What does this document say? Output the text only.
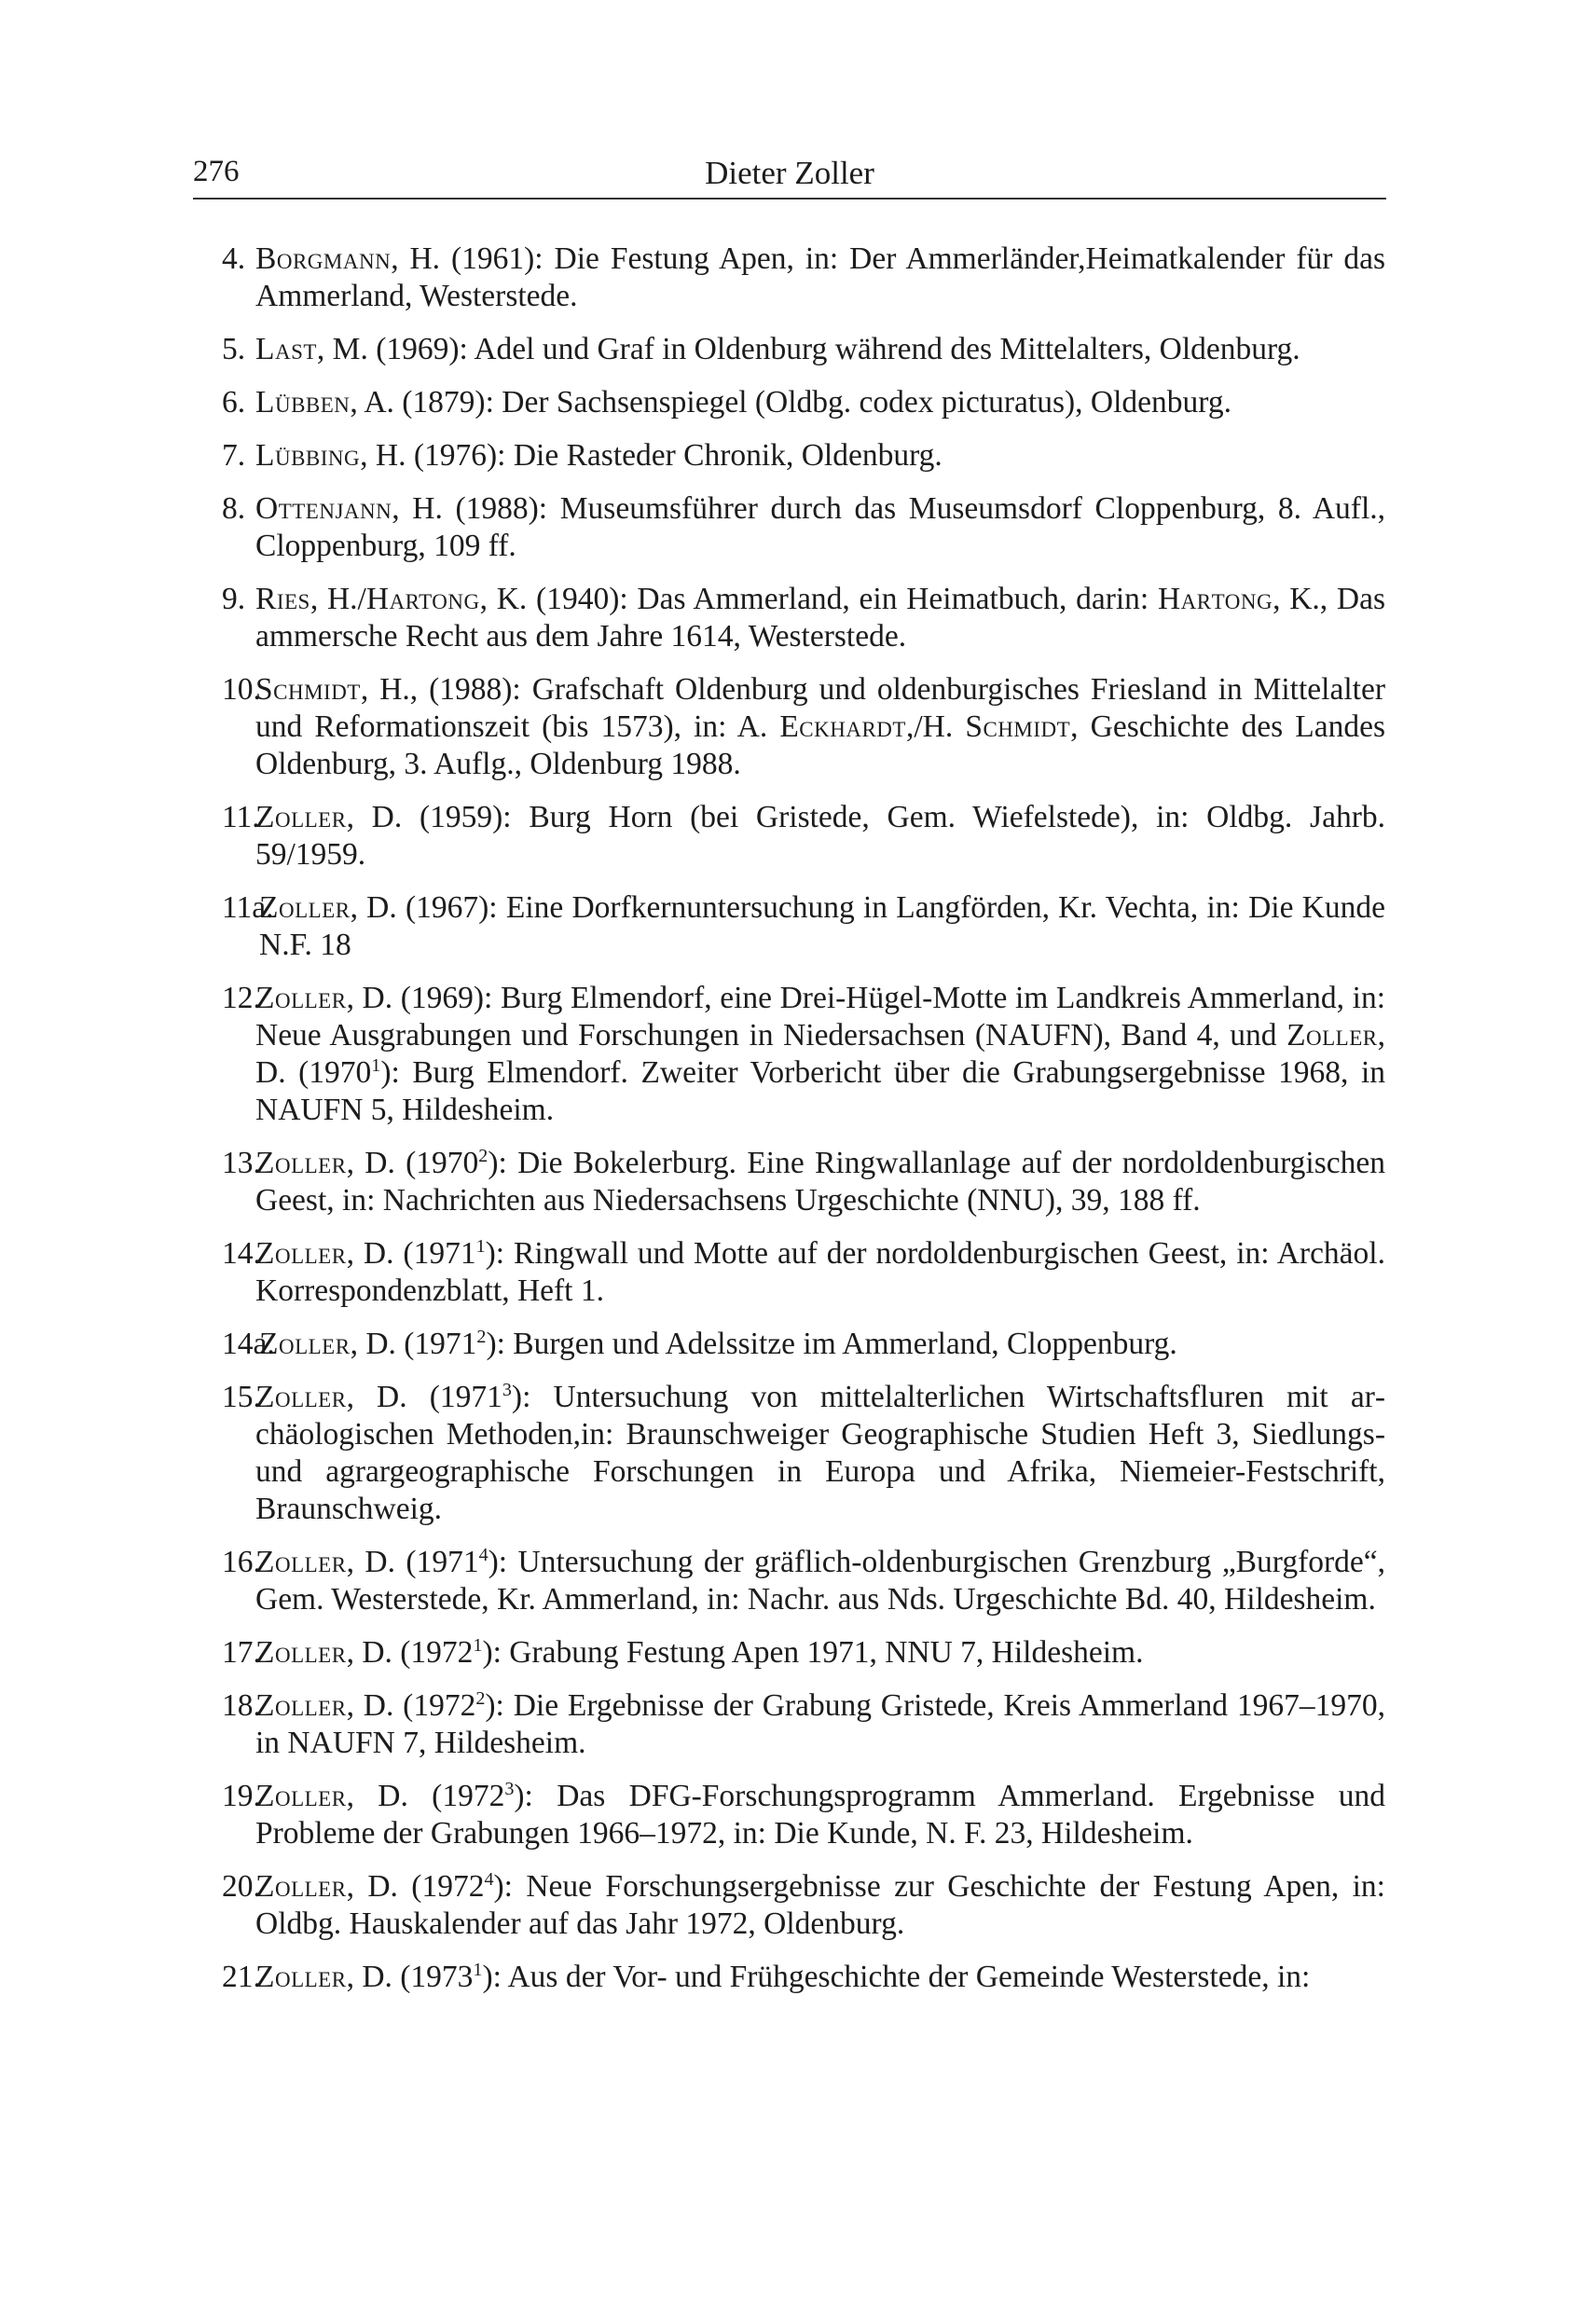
276	Dieter Zoller
4. Borgmann, H. (1961): Die Festung Apen, in: Der Ammerländer,Heimatkalender für das Ammerland, Westerstede.
5. Last, M. (1969): Adel und Graf in Oldenburg während des Mittelalters, Oldenburg.
6. Lübben, A. (1879): Der Sachsenspiegel (Oldbg. codex picturatus), Oldenburg.
7. Lübbing, H. (1976): Die Rasteder Chronik, Oldenburg.
8. Ottenjann, H. (1988): Museumsführer durch das Museumsdorf Cloppenburg, 8. Aufl., Cloppenburg, 109 ff.
9. Ries, H./Hartong, K. (1940): Das Ammerland, ein Heimatbuch, darin: Hartong, K., Das ammersche Recht aus dem Jahre 1614, Westerstede.
10.
Schmidt, H., (1988): Grafschaft Oldenburg und oldenburgisches Friesland in Mittelalter und Reformationszeit (bis 1573), in: A. Eckhardt,/H. Schmidt, Geschichte des Landes Oldenburg, 3. Auflg., Oldenburg 1988.
11.
Zoller, D. (1959): Burg Horn (bei Gristede, Gem. Wiefelstede), in: Oldbg. Jahrb. 59/1959.
11a.
Zoller, D. (1967): Eine Dorfkernuntersuchung in Langförden, Kr. Vechta, in: Die Kunde N.F. 18
12.
Zoller, D. (1969): Burg Elmendorf, eine Drei-Hügel-Motte im Landkreis Ammerland, in: Neue Ausgrabungen und Forschungen in Niedersachsen (NAUFN), Band 4, und Zoller, D. (1970$^1$): Burg Elmendorf. Zweiter Vorbericht über die Grabungsergebnisse 1968, in NAUFN 5, Hildesheim.
13.
Zoller, D. (1970$^2$): Die Bokelerburg. Eine Ringwallanlage auf der nordoldenburgischen Geest, in: Nachrichten aus Niedersachsens Urgeschichte (NNU), 39, 188 ff.
14.
Zoller, D. (1971$^1$): Ringwall und Motte auf der nordoldenburgischen Geest, in: Archäol. Korrespondenzblatt, Heft 1.
14a.
Zoller, D. (1971$^2$): Burgen und Adelssitze im Ammerland, Cloppenburg.
15.
Zoller, D. (1971$^3$): Untersuchung von mittelalterlichen Wirtschaftsfluren mit archäologischen Methoden,in: Braunschweiger Geographische Studien Heft 3, Siedlungs- und agrargeographische Forschungen in Europa und Afrika, Niemeier-Festschrift, Braunschweig.
16.
Zoller, D. (1971$^4$): Untersuchung der gräflich-oldenburgischen Grenzburg „Burgforde“, Gem. Westerstede, Kr. Ammerland, in: Nachr. aus Nds. Urgeschichte Bd. 40, Hildesheim.
17.
Zoller, D. (1972$^1$): Grabung Festung Apen 1971, NNU 7, Hildesheim.
18.
Zoller, D. (1972$^2$): Die Ergebnisse der Grabung Gristede, Kreis Ammerland 1967–1970, in NAUFN 7, Hildesheim.
19.
Zoller, D. (1972$^3$): Das DFG-Forschungsprogramm Ammerland. Ergebnisse und Probleme der Grabungen 1966–1972, in: Die Kunde, N. F. 23, Hildesheim.
20.
Zoller, D. (1972$^4$): Neue Forschungsergebnisse zur Geschichte der Festung Apen, in: Oldbg. Hauskalender auf das Jahr 1972, Oldenburg.
21.
Zoller, D. (1973$^1$): Aus der Vor- und Frühgeschichte der Gemeinde Westerstede, in:
